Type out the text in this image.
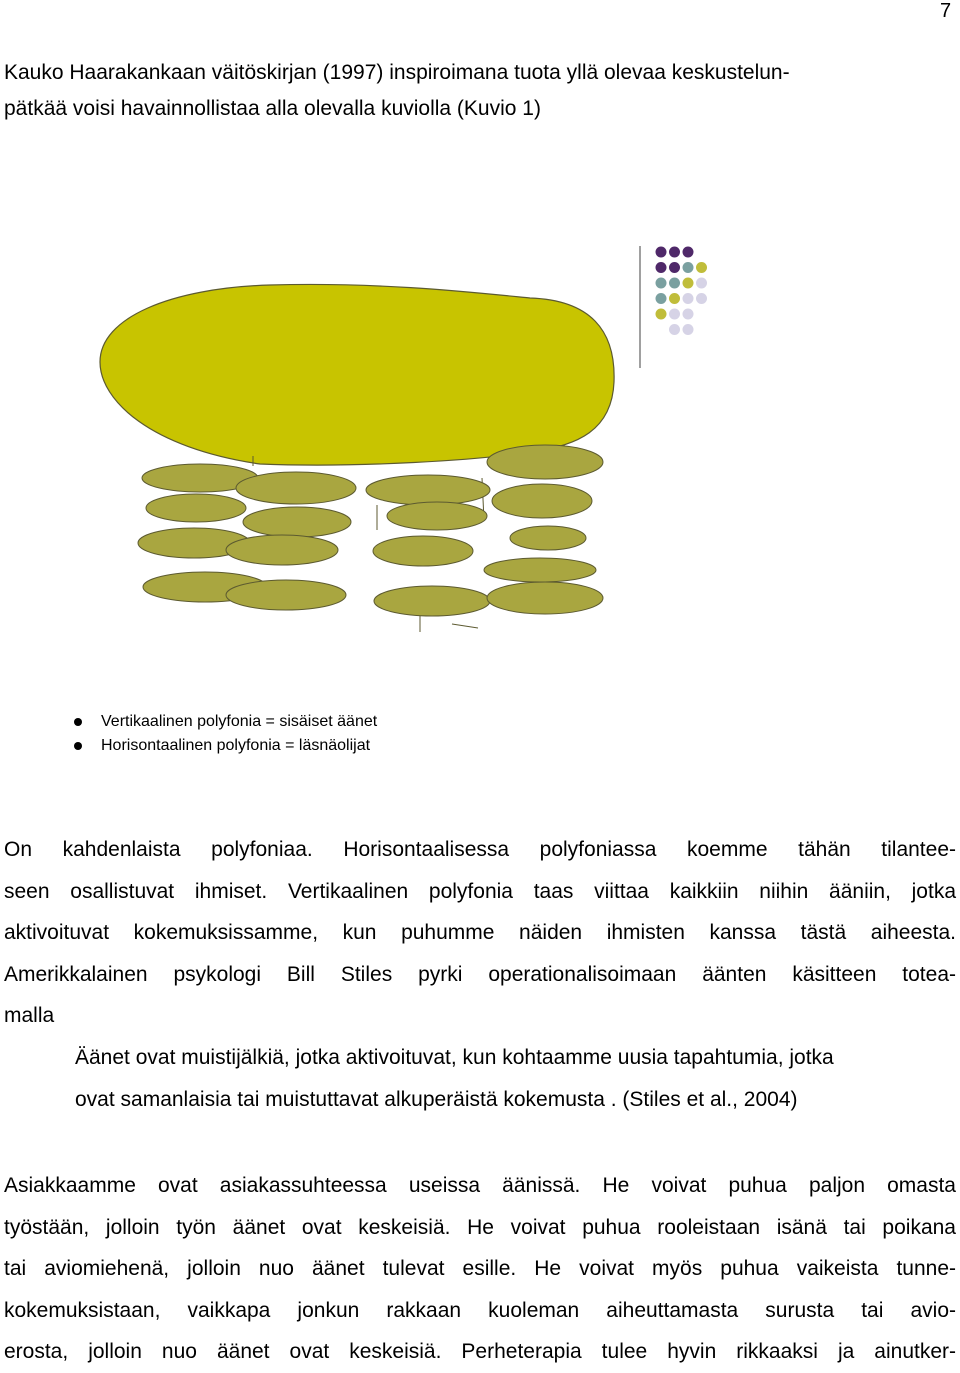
7

Kauko Haarakankaan väitöskirjan (1997) inspiroimana tuota yllä olevaa keskustelun-
pätkää voisi havainnollistaa alla olevalla kuviolla (Kuvio 1)

Vertikaalinen polyfonia = sisäiset äänet
Horisontaalinen polyfonia = läsnäolijat

On kahdenlaista polyfoniaa. Horisontaalisessa polyfoniassa koemme tähän tilantee-
seen osallistuvat ihmiset. Vertikaalinen polyfonia taas viittaa kaikkiin niihin ääniin, jotka
aktivoituvat kokemuksissamme, kun puhumme näiden ihmisten kanssa tästä aiheesta.
Amerikkalainen psykologi Bill Stiles pyrki operationalisoimaan äänten käsitteen totea-
malla

Äänet ovat muistijälkiä, jotka aktivoituvat, kun kohtaamme uusia tapahtumia, jotka
ovat samanlaisia tai muistuttavat alkuperäistä kokemusta . (Stiles et al., 2004)

Asiakkaamme ovat asiakassuhteessa useissa äänissä. He voivat puhua paljon omasta
työstään, jolloin työn äänet ovat keskeisiä. He voivat puhua rooleistaan isänä tai poikana
tai aviomiehenä, jolloin nuo äänet tulevat esille. He voivat myös puhua vaikeista tunne-
kokemuksistaan, vaikkapa jonkun rakkaan kuoleman aiheuttamasta surusta tai avio-
erosta, jolloin nuo äänet ovat keskeisiä. Perheterapia tulee hyvin rikkaaksi ja ainutker-
